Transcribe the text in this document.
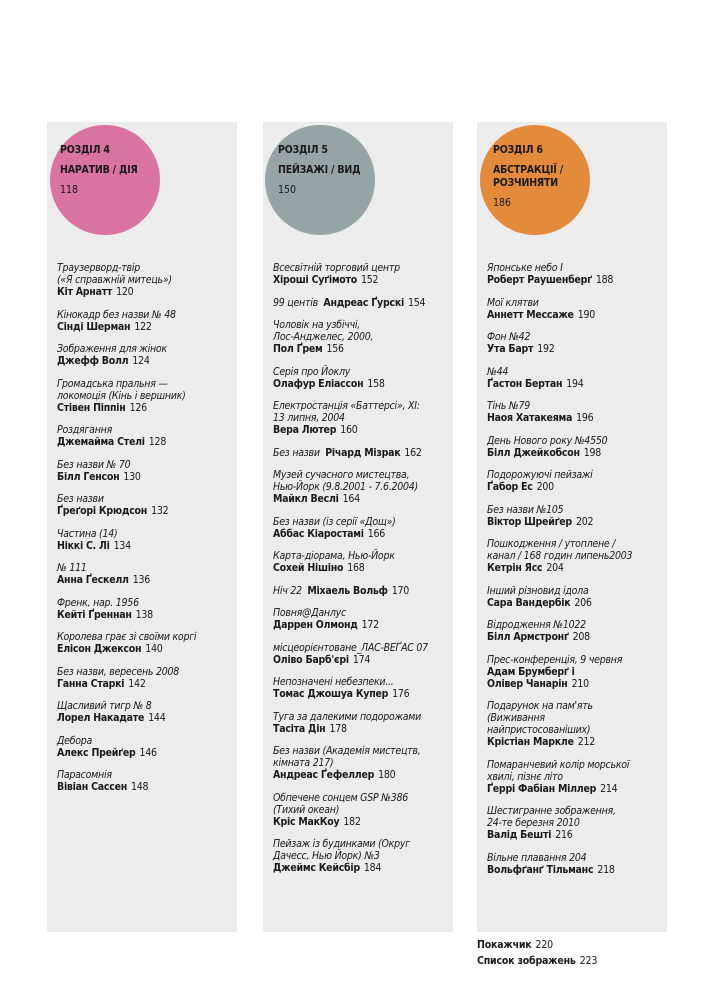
РОЗДІЛ 4
НАРАТИВ / ДІЯ
118
Траузерворд-твір
(«Я справжній митець»)
Кіт Арнатт 120
Кінокадр без назви № 48
Сінді Шерман 122
Зображення для жінок
Джефф Волл 124
Громадська пральня —
локомоція (Кінь і вершник)
Стівен Піппін 126
Роздягання
Джемайма Стелі 128
Без назви № 70
Білл Генсон 130
Без назви
Ґреґорі Крюдсон 132
Частина (14)
Ніккі С. Лі 134
№ 111
Анна Ґескелл 136
Френк, нар. 1956
Кейті Ґреннан 138
Королева грає зі своїми коргі
Елісон Джексон 140
Без назви, вересень 2008
Ганна Старкі 142
Щасливий тигр № 8
Лорел Накадате 144
Дебора
Алекс Прейґер 146
Парасомнія
Вівіан Сассен 148
РОЗДІЛ 5
ПЕЙЗАЖІ / ВИД
150
Всесвітній торговий центр
Хіроші Суґімото 152
99 центів Андреас Ґурскі 154
Чоловік на узбіччі,
Лос-Анджелес, 2000,
Пол Ґрем 156
Серія про Йоклу
Олафур Еліассон 158
Електростанція «Баттерсі», XI:
13 липня, 2004
Вера Лютер 160
Без назви Річард Мізрак 162
Музей сучасного мистецтва,
Нью-Йорк (9.8.2001 - 7.6.2004)
Майкл Веслі 164
Без назви (із серії «Дощ»)
Аббас Кіаростамі 166
Карта-діорама, Нью-Йорк
Сохей Нішіно 168
Ніч 22 Міхаель Вольф 170
Повня@Данлус
Даррен Олмонд 172
місцеорієнтоване_ЛАС-ВЕҐАС 07
Олівo Барб'єрі 174
Непозначені небезпеки...
Томас Джошуа Купер 176
Туга за далекими подорожами
Тасіта Дін 178
Без назви (Академія мистецтв,
кімната 217)
Андреас Ґефеллер 180
Обпечене сонцем GSP №386
(Тихий океан)
Кріс МакКоу 182
Пейзаж із будинками (Округ
Дачесс, Нью Йорк) №3
Джеймс Кейсбір 184
РОЗДІЛ 6
АБСТРАКЦІЇ / РОЗЧИНЯТИ
186
Японське небо I
Роберт Раушенберґ 188
Мої клятви
Аннетт Мессаже 190
Фон №42
Ута Барт 192
№44
Ґастон Бертан 194
Тінь №79
Наоя Хатакеяма 196
День Нового року №4550
Білл Джейкобсон 198
Подорожуючі пейзажі
Ґабор Ес 200
Без назви №105
Віктор Шрейґер 202
Пошкодження / утоплене /
канал / 168 годин липень2003
Кетрін Ясс 204
Інший різновид ідола
Сара Вандербік 206
Відродження №1022
Білл Армстронґ 208
Прес-конференція, 9 червня
Адам Брумберґ і
Олівер Чанарін 210
Подарунок на пам'ять
(Виживання
найпристосованіших)
Крістіан Маркле 212
Помаранчевий колір морської
хвилі, пізнє літо
Ґеррі Фабіан Міллер 214
Шестигранне зображення,
24-те березня 2010
Валід Бешті 216
Вільне плавання 204
Вольфґанґ Тільманс 218
Покажчик 220
Список зображень 223
